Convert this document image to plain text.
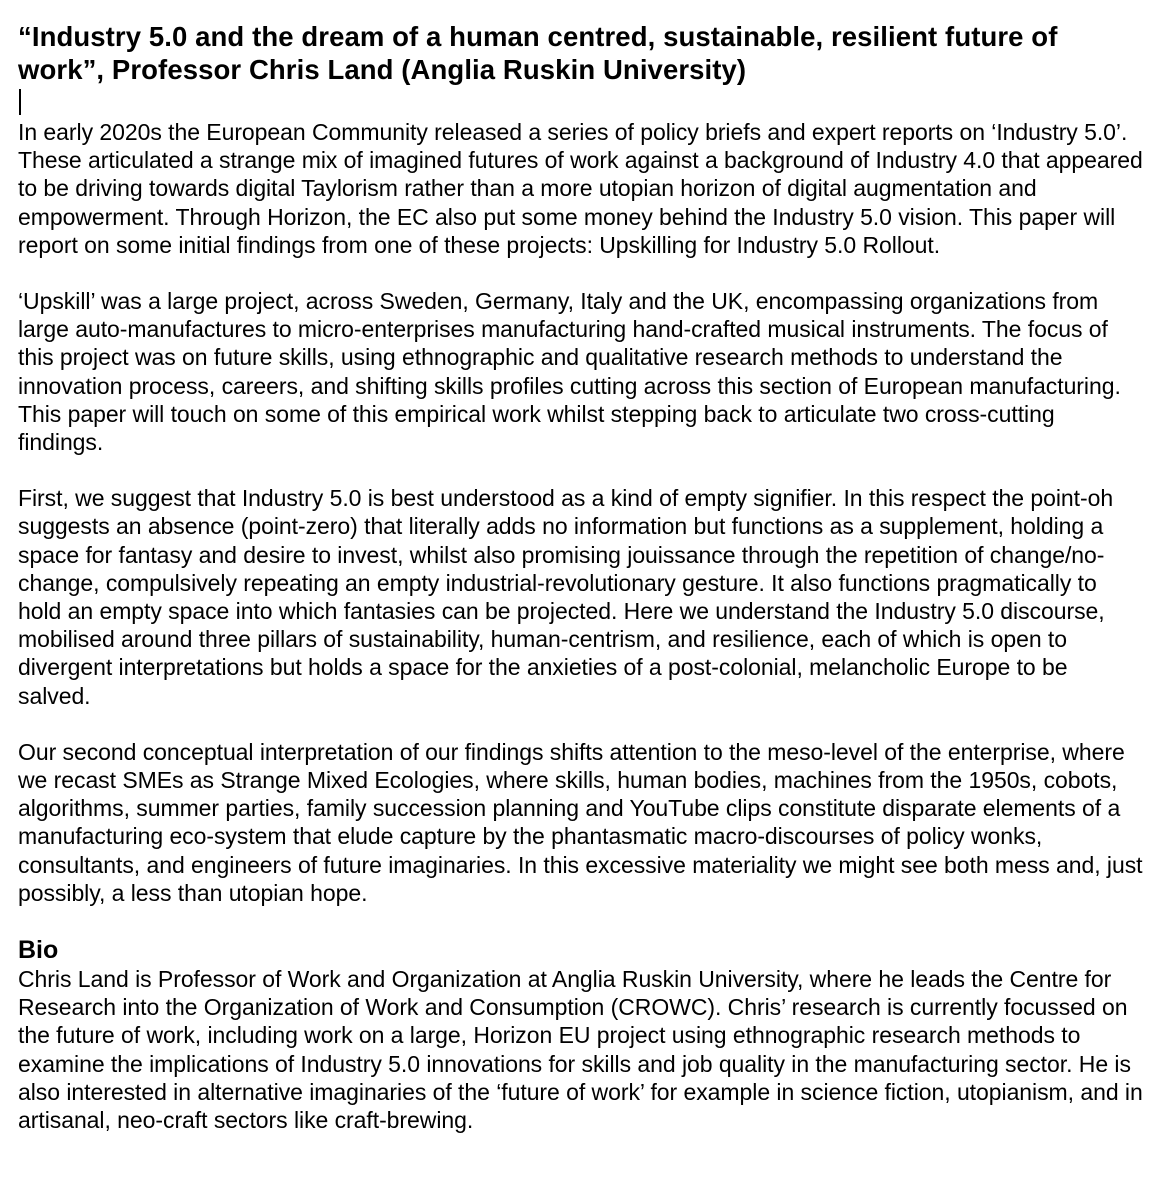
“Industry 5.0 and the dream of a human centred, sustainable, resilient future of work”, Professor Chris Land (Anglia Ruskin University)

In early 2020s the European Community released a series of policy briefs and expert reports on ‘Industry 5.0’. These articulated a strange mix of imagined futures of work against a background of Industry 4.0 that appeared to be driving towards digital Taylorism rather than a more utopian horizon of digital augmentation and empowerment. Through Horizon, the EC also put some money behind the Industry 5.0 vision. This paper will report on some initial findings from one of these projects: Upskilling for Industry 5.0 Rollout.

‘Upskill’ was a large project, across Sweden, Germany, Italy and the UK, encompassing organizations from large auto-manufactures to micro-enterprises manufacturing hand-crafted musical instruments. The focus of this project was on future skills, using ethnographic and qualitative research methods to understand the innovation process, careers, and shifting skills profiles cutting across this section of European manufacturing. This paper will touch on some of this empirical work whilst stepping back to articulate two cross-cutting findings.

First, we suggest that Industry 5.0 is best understood as a kind of empty signifier. In this respect the point-oh suggests an absence (point-zero) that literally adds no information but functions as a supplement, holding a space for fantasy and desire to invest, whilst also promising jouissance through the repetition of change/no-change, compulsively repeating an empty industrial-revolutionary gesture. It also functions pragmatically to hold an empty space into which fantasies can be projected. Here we understand the Industry 5.0 discourse, mobilised around three pillars of sustainability, human-centrism, and resilience, each of which is open to divergent interpretations but holds a space for the anxieties of a post-colonial, melancholic Europe to be salved.

Our second conceptual interpretation of our findings shifts attention to the meso-level of the enterprise, where we recast SMEs as Strange Mixed Ecologies, where skills, human bodies, machines from the 1950s, cobots, algorithms, summer parties, family succession planning and YouTube clips constitute disparate elements of a manufacturing eco-system that elude capture by the phantasmatic macro-discourses of policy wonks, consultants, and engineers of future imaginaries. In this excessive materiality we might see both mess and, just possibly, a less than utopian hope.

Bio

Chris Land is Professor of Work and Organization at Anglia Ruskin University, where he leads the Centre for Research into the Organization of Work and Consumption (CROWC). Chris’ research is currently focussed on the future of work, including work on a large, Horizon EU project using ethnographic research methods to examine the implications of Industry 5.0 innovations for skills and job quality in the manufacturing sector. He is also interested in alternative imaginaries of the ‘future of work’ for example in science fiction, utopianism, and in artisanal, neo-craft sectors like craft-brewing.
